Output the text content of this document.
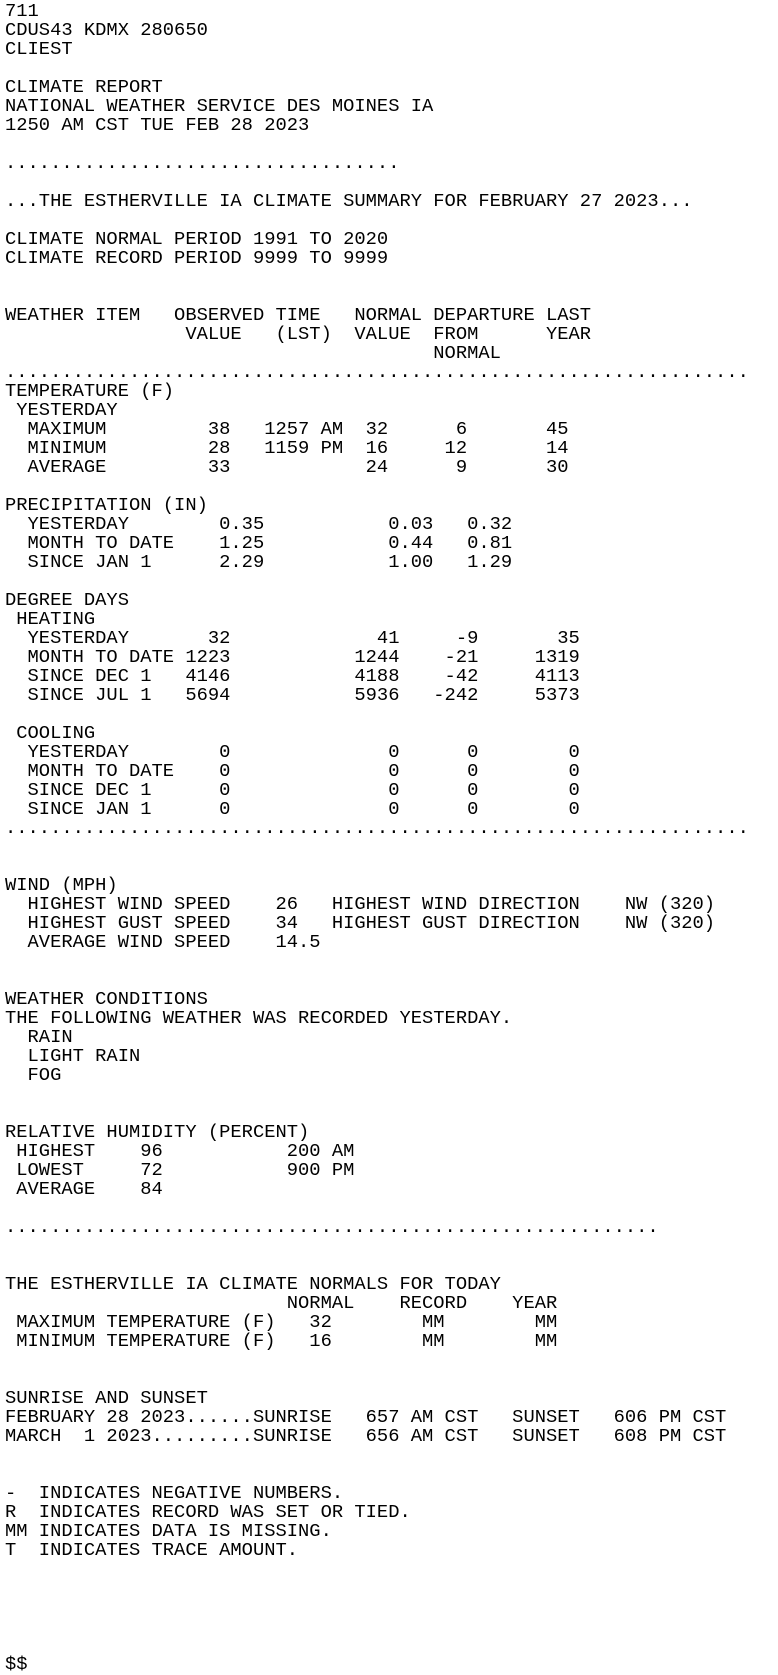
711
CDUS43 KDMX 280650
CLIEST
CLIMATE REPORT
NATIONAL WEATHER SERVICE DES MOINES IA
1250 AM CST TUE FEB 28 2023
...................................
...THE ESTHERVILLE IA CLIMATE SUMMARY FOR FEBRUARY 27 2023...
CLIMATE NORMAL PERIOD 1991 TO 2020
CLIMATE RECORD PERIOD 9999 TO 9999
WEATHER ITEM   OBSERVED TIME   NORMAL DEPARTURE LAST
VALUE   (LST)  VALUE  FROM      YEAR
NORMAL
..................................................................
TEMPERATURE (F)
YESTERDAY
MAXIMUM         38   1257 AM  32      6       45
MINIMUM         28   1159 PM  16     12       14
AVERAGE         33            24      9       30
PRECIPITATION (IN)
YESTERDAY        0.35           0.03   0.32
MONTH TO DATE    1.25           0.44   0.81
SINCE JAN 1      2.29           1.00   1.29
DEGREE DAYS
HEATING
YESTERDAY       32             41     -9       35
MONTH TO DATE 1223           1244    -21     1319
SINCE DEC 1   4146           4188    -42     4113
SINCE JUL 1   5694           5936   -242     5373
COOLING
YESTERDAY        0              0      0        0
MONTH TO DATE    0              0      0        0
SINCE DEC 1      0              0      0        0
SINCE JAN 1      0              0      0        0
..................................................................
WIND (MPH)
HIGHEST WIND SPEED    26   HIGHEST WIND DIRECTION    NW (320)
HIGHEST GUST SPEED    34   HIGHEST GUST DIRECTION    NW (320)
AVERAGE WIND SPEED    14.5
WEATHER CONDITIONS
THE FOLLOWING WEATHER WAS RECORDED YESTERDAY.
RAIN
LIGHT RAIN
FOG
RELATIVE HUMIDITY (PERCENT)
HIGHEST    96           200 AM
LOWEST     72           900 PM
AVERAGE    84
..........................................................
THE ESTHERVILLE IA CLIMATE NORMALS FOR TODAY
NORMAL    RECORD    YEAR
MAXIMUM TEMPERATURE (F)   32        MM        MM
MINIMUM TEMPERATURE (F)   16        MM        MM
SUNRISE AND SUNSET
FEBRUARY 28 2023......SUNRISE   657 AM CST   SUNSET   606 PM CST
MARCH  1 2023.........SUNRISE   656 AM CST   SUNSET   608 PM CST
-  INDICATES NEGATIVE NUMBERS.
R  INDICATES RECORD WAS SET OR TIED.
MM INDICATES DATA IS MISSING.
T  INDICATES TRACE AMOUNT.
$$
